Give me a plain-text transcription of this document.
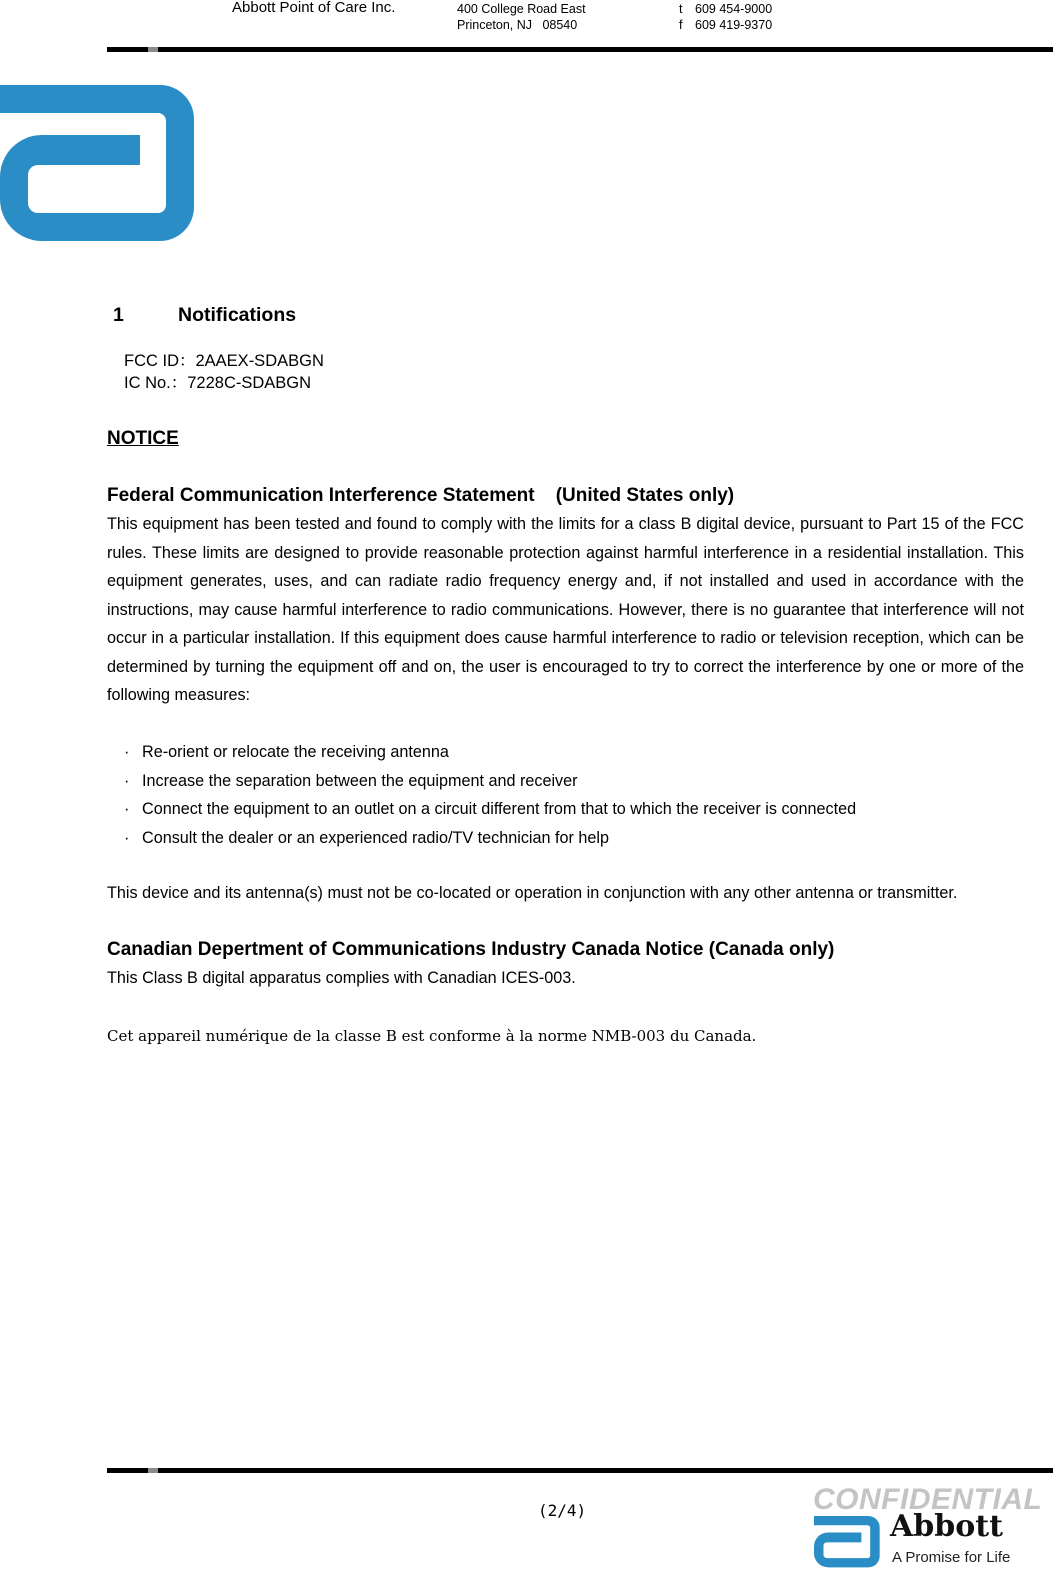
Abbott Point of Care Inc.	400 College Road East
Princeton, NJ   08540
t 609 454-9000
f 609 419-9370
1	Notifications
FCC ID：2AAEX-SDABGN
IC No.：7228C-SDABGN
NOTICE
Federal Communication Interference Statement    (United States only)

This equipment has been tested and found to comply with the limits for a class B digital device, pursuant to Part 15 of the FCC rules. These limits are designed to provide reasonable protection against harmful interference in a residential installation. This equipment generates, uses, and can radiate radio frequency energy and, if not installed and used in accordance with the instructions, may cause harmful interference to radio communications. However, there is no guarantee that interference will not occur in a particular installation. If this equipment does cause harmful interference to radio or television reception, which can be determined by turning the equipment off and on, the user is encouraged to try to correct the interference by one or more of the following measures:

· Re-orient or relocate the receiving antenna
· Increase the separation between the equipment and receiver
· Connect the equipment to an outlet on a circuit different from that to which the receiver is connected
· Consult the dealer or an experienced radio/TV technician for help

This device and its antenna(s) must not be co-located or operation in conjunction with any other antenna or transmitter.

Canadian Depertment of Communications Industry Canada Notice (Canada only)

This Class B digital apparatus complies with Canadian ICES-003.

Cet appareil numérique de la classe B est conforme à la norme NMB-003 du Canada.

(2/4)	CONFIDENTIAL
Abbott
A Promise for Life
